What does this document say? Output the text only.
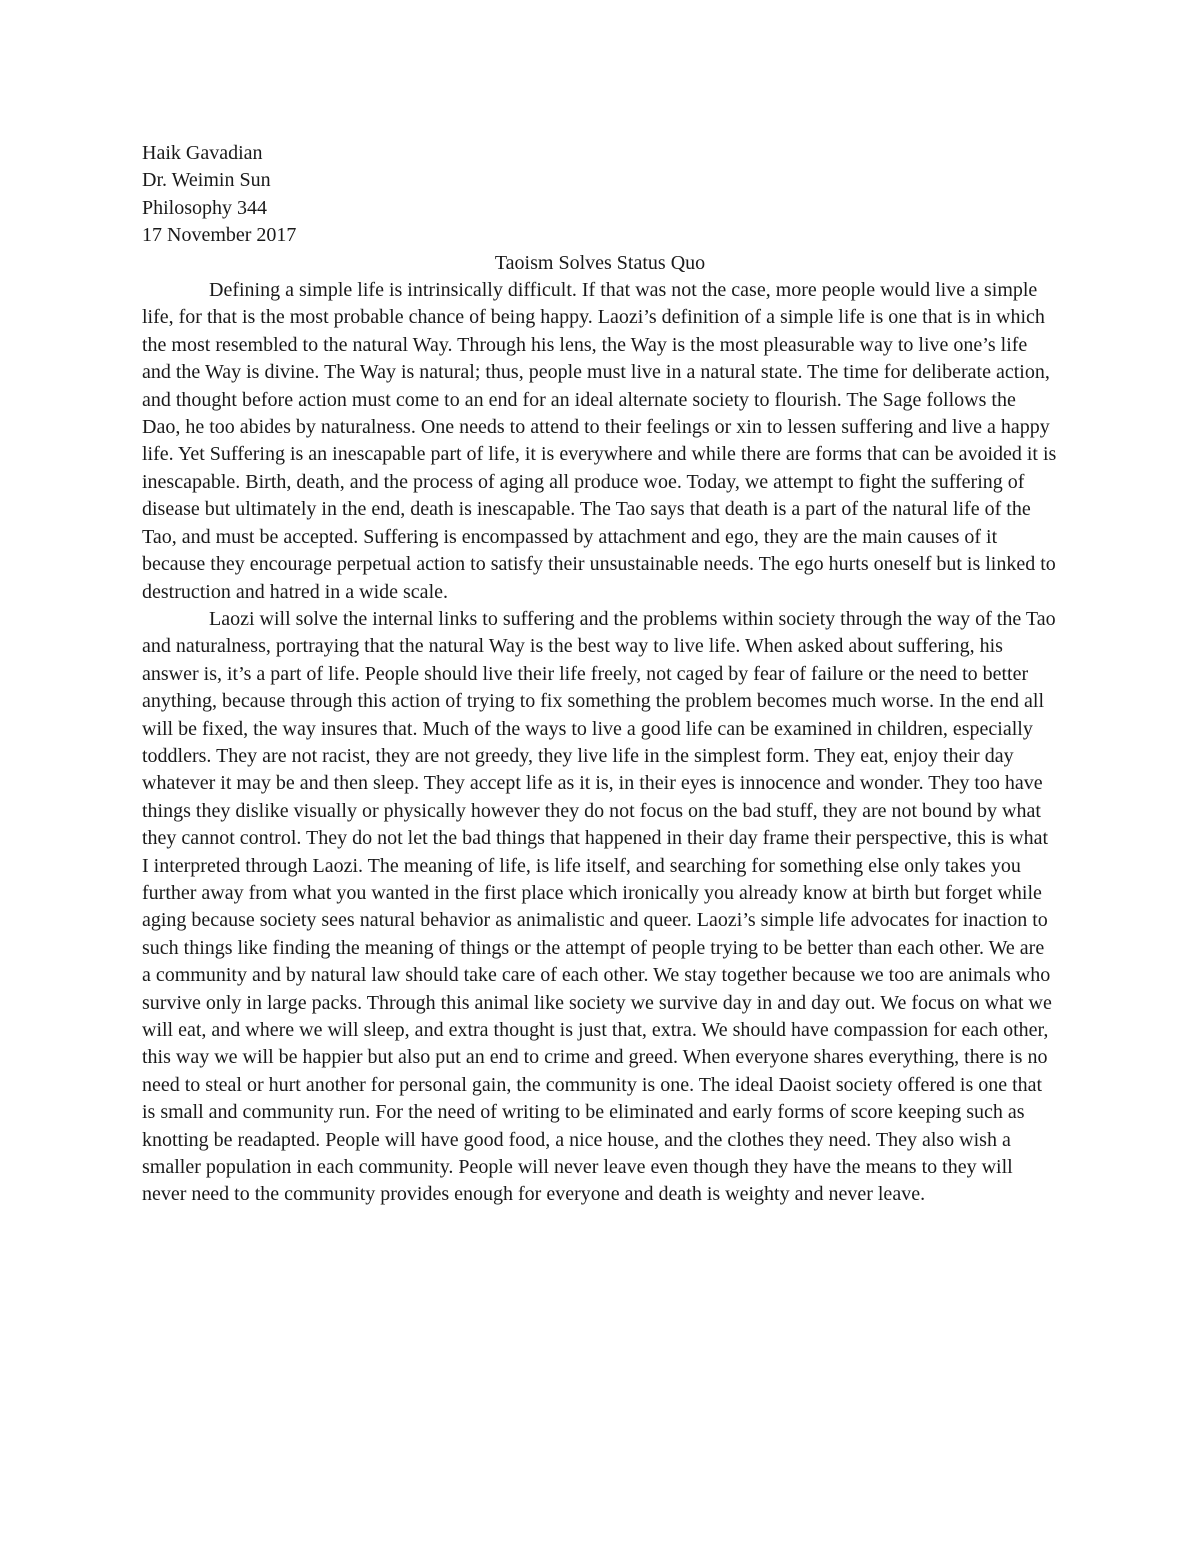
Haik Gavadian
Dr. Weimin Sun
Philosophy 344
17 November 2017
Taoism Solves Status Quo

Defining a simple life is intrinsically difficult. If that was not the case, more people would live a simple life, for that is the most probable chance of being happy. Laozi’s definition of a simple life is one that is in which the most resembled to the natural Way. Through his lens, the Way is the most pleasurable way to live one’s life and the Way is divine. The Way is natural; thus, people must live in a natural state. The time for deliberate action, and thought before action must come to an end for an ideal alternate society to flourish. The Sage follows the Dao, he too abides by naturalness. One needs to attend to their feelings or xin to lessen suffering and live a happy life. Yet Suffering is an inescapable part of life, it is everywhere and while there are forms that can be avoided it is inescapable. Birth, death, and the process of aging all produce woe. Today, we attempt to fight the suffering of disease but ultimately in the end, death is inescapable. The Tao says that death is a part of the natural life of the Tao, and must be accepted. Suffering is encompassed by attachment and ego, they are the main causes of it because they encourage perpetual action to satisfy their unsustainable needs. The ego hurts oneself but is linked to destruction and hatred in a wide scale.

Laozi will solve the internal links to suffering and the problems within society through the way of the Tao and naturalness, portraying that the natural Way is the best way to live life. When asked about suffering, his answer is, it’s a part of life. People should live their life freely, not caged by fear of failure or the need to better anything, because through this action of trying to fix something the problem becomes much worse. In the end all will be fixed, the way insures that. Much of the ways to live a good life can be examined in children, especially toddlers. They are not racist, they are not greedy, they live life in the simplest form. They eat, enjoy their day whatever it may be and then sleep. They accept life as it is, in their eyes is innocence and wonder. They too have things they dislike visually or physically however they do not focus on the bad stuff, they are not bound by what they cannot control. They do not let the bad things that happened in their day frame their perspective, this is what I interpreted through Laozi. The meaning of life, is life itself, and searching for something else only takes you further away from what you wanted in the first place which ironically you already know at birth but forget while aging because society sees natural behavior as animalistic and queer. Laozi’s simple life advocates for inaction to such things like finding the meaning of things or the attempt of people trying to be better than each other. We are a community and by natural law should take care of each other. We stay together because we too are animals who survive only in large packs. Through this animal like society we survive day in and day out. We focus on what we will eat, and where we will sleep, and extra thought is just that, extra. We should have compassion for each other, this way we will be happier but also put an end to crime and greed. When everyone shares everything, there is no need to steal or hurt another for personal gain, the community is one. The ideal Daoist society offered is one that is small and community run. For the need of writing to be eliminated and early forms of score keeping such as knotting be readapted. People will have good food, a nice house, and the clothes they need. They also wish a smaller population in each community. People will never leave even though they have the means to they will never need to the community provides enough for everyone and death is weighty and never leave.
